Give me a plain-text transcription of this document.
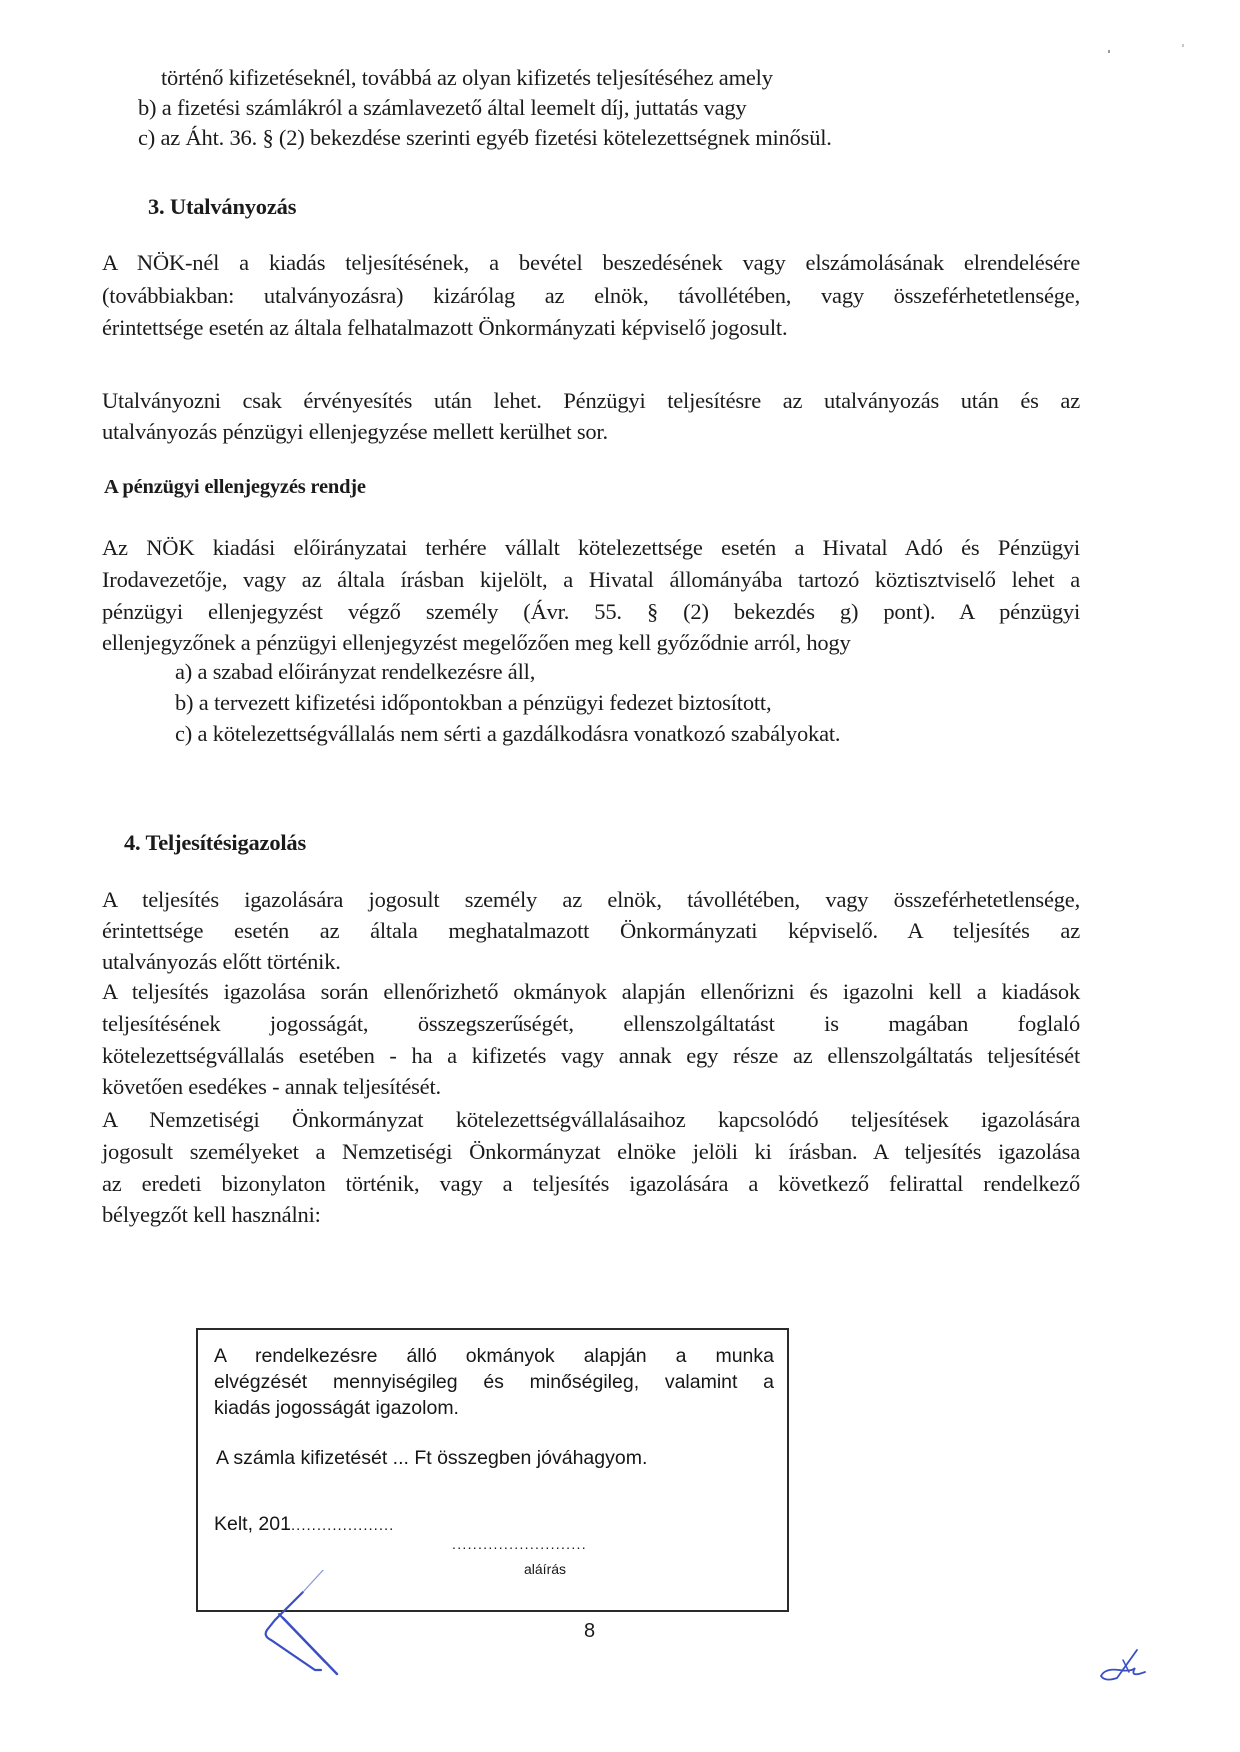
történő kifizetéseknél, továbbá az olyan kifizetés teljesítéséhez amely
b) a fizetési számlákról a számlavezető által leemelt díj, juttatás vagy
c) az Áht. 36. § (2) bekezdése szerinti egyéb fizetési kötelezettségnek minősül.
3. Utalványozás
A NÖK-nél a kiadás teljesítésének, a bevétel beszedésének vagy elszámolásának elrendelésére
(továbbiakban: utalványozásra) kizárólag az elnök, távollétében, vagy összeférhetetlensége,
érintettsége esetén az általa felhatalmazott Önkormányzati képviselő jogosult.
Utalványozni csak érvényesítés után lehet. Pénzügyi teljesítésre az utalványozás után és az
utalványozás pénzügyi ellenjegyzése mellett kerülhet sor.
A pénzügyi ellenjegyzés rendje
Az NÖK kiadási előirányzatai terhére vállalt kötelezettsége esetén a Hivatal Adó és Pénzügyi
Irodavezetője, vagy az általa írásban kijelölt, a Hivatal állományába tartozó köztisztviselő lehet a
pénzügyi ellenjegyzést végző személy (Ávr. 55. § (2) bekezdés g) pont). A pénzügyi
ellenjegyzőnek a pénzügyi ellenjegyzést megelőzően meg kell győződnie arról, hogy
a) a szabad előirányzat rendelkezésre áll,
b) a tervezett kifizetési időpontokban a pénzügyi fedezet biztosított,
c) a kötelezettségvállalás nem sérti a gazdálkodásra vonatkozó szabályokat.
4. Teljesítésigazolás
A teljesítés igazolására jogosult személy az elnök, távollétében, vagy összeférhetetlensége,
érintettsége esetén az általa meghatalmazott Önkormányzati képviselő. A teljesítés az
utalványozás előtt történik.
A teljesítés igazolása során ellenőrizhető okmányok alapján ellenőrizni és igazolni kell a kiadások
teljesítésének jogosságát, összegszerűségét, ellenszolgáltatást is magában foglaló
kötelezettségvállalás esetében - ha a kifizetés vagy annak egy része az ellenszolgáltatás teljesítését
követően esedékes - annak teljesítését.
A Nemzetiségi Önkormányzat kötelezettségvállalásaihoz kapcsolódó teljesítések igazolására
jogosult személyeket a Nemzetiségi Önkormányzat elnöke jelöli ki írásban. A teljesítés igazolása
az eredeti bizonylaton történik, vagy a teljesítés igazolására a következő felirattal rendelkező
bélyegzőt kell használni:
A rendelkezésre álló okmányok alapján a munka
elvégzését mennyiségileg és minőségileg, valamint a
kiadás jogosságát igazolom.
A számla kifizetését ... Ft összegben jóváhagyom.
Kelt, 201....................
..........................
aláírás
8
